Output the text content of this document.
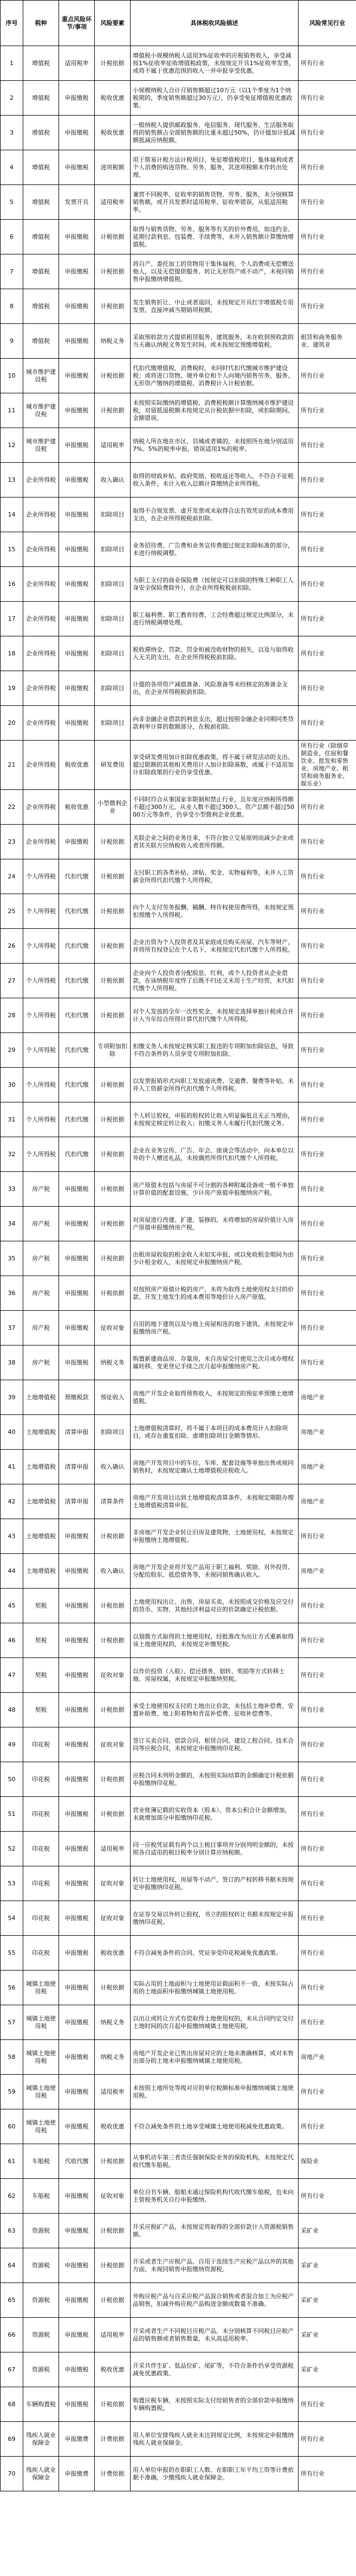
序号	税种	重点风险环节/事项	风险要素	具体税收风险描述	风险常见行业
1	增值税	适用税率	计税依据	增值税小规模纳税人适用3%征收率的应税销售收入，享受减按1%征收率征收增值税政策，未按规定开具1%征收率发票，或将不属于优惠范围的收入一并申报享受优惠。	所有行业
2	增值税	申报缴税	税收优惠	小规模纳税人合计月销售额超过10万元（以1个季度为1个纳税期的，季度销售额超过30万元），仍享受免征增值税优惠政策。	所有行业
3	增值税	申报缴税	税收优惠	一般纳税人提供邮政服务、电信服务、现代服务、生活服务取得的销售额占全部销售额的比重未超过50%，仍计提加计抵减额抵减应纳税额。	所有行业
4	增值税	申报缴税	进项税额	用于简易计税方法计税项目、免征增值税项目、集体福利或者个人消费的购进货物、劳务、服务，其进项税额未作转出处理。	所有行业
5	增值税	发票开具	适用税率	兼营不同税率、征收率的销售货物、劳务、服务，未分别核算销售额，或开具发票时适用税率、征收率错误，从低适用税率。	所有行业
6	增值税	申报缴税	计税依据	取得与销售货物、劳务、服务等有关的价外费用，如违约金、延期付款利息、包装费、手续费等，未并入销售额计算缴纳增值税。	所有行业
7	增值税	申报缴税	计税依据	将自产、委托加工的货物用于集体福利、个人消费或无偿赠送他人，以及无偿提供服务、转让无形资产或不动产，未视同销售申报缴纳增值税。	所有行业
8	增值税	申报缴税	计税依据	发生销售折让、中止或者退回，未按规定开具红字增值税专用发票，直接冲减当期销项税额。	所有行业
9	增值税	申报缴税	纳税义务	采取预收款方式提供租赁服务、建筑服务，未在收到预收款的当天确认纳税义务发生时间，或未按规定预缴增值税。	租赁和商务服务业、建筑业
10	城市维护建设税	申报缴税	计税依据	代扣代缴增值税、消费税时，未同时代扣代缴城市维护建设税；或将进口货物、境外单位和个人向境内销售劳务、服务、无形资产缴纳的增值税、消费税计入计税依据。	所有行业
11	城市维护建设税	申报缴税	计税依据	未按照实际缴纳的增值税、消费税税额计算缴纳城市维护建设税，对留抵退税额未按规定从计税依据中扣除，或扣除期间、金额错误。	所有行业
12	城市维护建设税	申报缴税	适用税率	纳税人所在地在市区、县城或者镇的，未按照所在地分别适用7%、5%的税率申报，错误适用1%的税率。	所有行业
13	企业所得税	申报缴税	收入确认	取得的财政补贴、政府奖励、税收返还等收入，不符合不征税收入条件，未计入收入总额计算缴纳企业所得税。	所有行业
14	企业所得税	申报缴税	扣除项目	取得不合规发票、虚开发票或未取得合法有效凭证的成本费用支出，在企业所得税税前扣除。	所有行业
15	企业所得税	申报缴税	扣除项目	业务招待费、广告费和业务宣传费超过规定扣除标准的部分，未进行纳税调整。	所有行业
16	企业所得税	申报缴税	扣除项目	为职工支付的商业保险费（按规定可以扣除的特殊工种职工人身安全保险费除外），在企业所得税税前扣除。	所有行业
17	企业所得税	申报缴税	扣除项目	职工福利费、职工教育经费、工会经费超过规定比例部分，未进行纳税调增处理。	所有行业
18	企业所得税	申报缴税	扣除项目	税收滞纳金、罚款、罚金和被没收财物的损失，以及与取得收入无关的支出，在企业所得税税前扣除。	所有行业
19	企业所得税	申报缴税	扣除项目	计提的各项资产减值准备、风险准备等未经核定的准备金支出，在企业所得税税前扣除。	所有行业
20	企业所得税	申报缴税	扣除项目	向非金融企业借款的利息支出，超过按照金融企业同期同类贷款利率计算的数额部分，在税前扣除。	所有行业
21	企业所得税	税收优惠	研发费用	享受研发费用加计扣除优惠政策，将不属于研发活动的支出、超过限额的其他相关费用计入加计扣除基数，或属于不适用加计扣除政策的行业仍享受优惠。	所有行业（除烟草制造业、住宿和餐饮业、批发和零售业、房地产业、租赁和商务服务业、娱乐业）
22	企业所得税	税收优惠	小型微利企业	不同时符合从事国家非限制和禁止行业，且年度应纳税所得额不超过300万元、从业人数不超过300人、资产总额不超过5000万元等条件，仍享受小型微利企业优惠。	所有行业
23	企业所得税	申报缴税	计税依据	关联企业之间的业务往来，不符合独立交易原则而减少企业或者其关联方应纳税收入或者所得额。	所有行业
24	个人所得税	代扣代缴	计税依据	支付职工的各类补贴、津贴、奖金、实物福利等，未并入工资薪金所得代扣代缴个人所得税。	所有行业
25	个人所得税	代扣代缴	计税依据	向个人支付劳务报酬、稿酬、特许权使用费所得，未按规定预扣预缴个人所得税。	所有行业
26	个人所得税	代扣代缴	计税依据	企业出资为个人投资者及其家庭成员购买房屋、汽车等财产，并将所有权登记在个人名下，未按规定代扣代缴个人所得税。	所有行业
27	个人所得税	代扣代缴	计税依据	企业向个人投资者分配股息、红利，或个人投资者从企业借款，在该纳税年度终了后既不归还又未用于生产经营，未代扣代缴个人所得税。	所有行业
28	个人所得税	代扣代缴	计税依据	对个人发放的全年一次性奖金，未按规定选择单独计税或合并计入当年综合所得计算代扣代缴个人所得税。	所有行业
29	个人所得税	代扣代缴	专项附加扣除	扣缴义务人未按规定核实职工报送的专项附加扣除信息，导致不符合条件的人员享受专项附加扣除。	所有行业
30	个人所得税	代扣代缴	计税依据	以发票报销形式向职工发放通讯费、交通费、餐费等补贴，未并入工资薪金所得代扣代缴个人所得税。	所有行业
31	个人所得税	代扣代缴	计税依据	个人转让股权，申报的股权转让收入明显偏低且无正当理由，未按规定核定转让收入；扣缴义务人未履行代扣代缴义务。	所有行业
32	个人所得税	代扣代缴	计税依据	企业在业务宣传、广告、年会、座谈会等活动中，向本单位以外的个人赠送礼品，未按偶然所得代扣代缴个人所得税。	所有行业
33	房产税	申报缴税	计税依据	房产原值未包括与房屋不可分割的各种附属设备或一般不单独计算价值的配套设施，少计房产原值申报缴纳房产税。	所有行业
34	房产税	申报缴税	计税依据	对房屋进行改建、扩建、装修的，未将增加的房屋价值计入房产原值申报缴纳房产税。	所有行业
35	房产税	申报缴税	计税依据	出租房屋收取的租金收入未如实申报，或以免收租金期间为由少计租金收入，未按规定申报缴纳房产税。	所有行业
36	房产税	申报缴税	计税依据	对按照房产原值计税的房产，未将为取得土地使用权支付的价款、开发土地发生的成本费用等地价计入房产原值。	所有行业
37	房产税	申报缴税	征收对象	自用的地下建筑以及与地上房屋相连的地下建筑，未按规定申报缴纳房产税。	所有行业
38	房产税	申报缴税	纳税义务	购置新建商品房、存量房，未自房屋交付使用之次月或办理权属转移、变更登记手续之次月起申报缴纳房产税。	所有行业
39	土地增值税	预缴税款	预征收入	房地产开发企业取得预售收入，未按规定的预征率预缴土地增值税。	房地产业
40	土地增值税	清算申报	扣除项目	土地增值税清算时，将不属于本项目的成本费用计入扣除项目，或存在重复扣除、虚增扣除项目金额等情形。	房地产业
41	土地增值税	清算申报	收入确认	房地产开发项目中的车位、车库、配套设施等单独出售或视同销售时，未按规定确认土地增值税应税收入。	房地产业
42	土地增值税	清算申报	清算条件	房地产开发项目达到土地增值税清算条件，未按规定期限办理土地增值税清算申报。	房地产业
43	土地增值税	申报缴税	计税依据	非房地产开发企业转让旧房及建筑物、土地使用权，未按规定申报缴纳土地增值税。	所有行业
44	土地增值税	申报缴税	收入确认	房地产开发企业将开发产品用于职工福利、奖励、对外投资、分配给股东、抵偿债务等，未视同销售确认收入。	房地产业
45	契税	申报缴税	计税依据	土地使用权出让、出售，房屋买卖，未按照成交价格及应交付的货币、实物、其他经济利益对应的价款确定计税依据。	所有行业
46	契税	申报缴税	计税依据	以划拨方式取得的土地使用权，经批准改为出让方式重新取得该土地使用权的，未按规定补缴契税。	所有行业
47	契税	申报缴税	征收对象	以作价投资（入股）、偿还债务、划转、奖励等方式转移土地、房屋权属，未按规定申报缴纳契税。	所有行业
48	契税	申报缴税	计税依据	承受土地使用权支付的土地出让价款，未包括土地补偿费、安置补助费、地上附着物和青苗补偿费、征收补偿费等。	所有行业
49	印花税	申报缴税	征收对象	签订买卖合同、借款合同、租赁合同、建设工程合同、技术合同等应税合同，未按规定申报缴纳印花税。	所有行业
50	印花税	申报缴税	计税依据	应税合同未列明金额的，未按照实际结算的金额确定计税依据申报缴纳印花税。	所有行业
51	印花税	申报缴税	计税依据	营业账簿记载的实收资本（股本）、资本公积合计金额增加，未就增加部分申报缴纳印花税。	所有行业
52	印花税	申报缴税	适用税率	同一应税凭证载有两个以上税目事项并分别列明金额的，未按照各自适用的税目税率分别计算应纳税额。	所有行业
53	印花税	申报缴税	征收对象	转让土地使用权、房屋等不动产，签订的产权转移书据未按规定申报缴纳印花税。	所有行业
54	印花税	申报缴税	征收对象	在证券交易以外转让股权，书立的股权转让书据未按规定申报缴纳印花税。	所有行业
55	印花税	申报缴税	税收优惠	不符合减免条件的合同、凭证享受印花税减免优惠政策。	所有行业
56	城镇土地使用税	申报缴税	计税依据	实际占用的土地面积与土地使用证载面积不一致，未按实际占用的土地面积申报缴纳城镇土地使用税。	所有行业
57	城镇土地使用税	申报缴税	纳税义务	以出让或转让方式有偿取得土地使用权的，未从合同约定交付土地时间的次月起申报缴纳城镇土地使用税。	所有行业
58	城镇土地使用税	申报缴税	纳税义务	房地产开发企业已售出房屋对应的土地未准确核算，或对未售出部分的土地未申报缴纳城镇土地使用税。	房地产业
59	城镇土地使用税	申报缴税	适用税率	未按照土地所处等级对应的单位税额标准申报缴纳城镇土地使用税。	所有行业
60	城镇土地使用税	申报缴税	税收优惠	不符合减免条件的土地享受城镇土地使用税减免优惠政策。	所有行业
61	车船税	代收代缴	计税依据	从事机动车第三者责任强制保险业务的保险机构，未按规定代收代缴车船税。	保险业
62	车船税	申报缴税	征收对象	单位自有车辆、船舶未通过保险机构代收代缴车船税，也未向主管税务机关自行申报缴纳。	所有行业
63	资源税	申报缴税	计税依据	开采应税矿产品，未按规定将取得的全部价款计入资源税销售额。	采矿业
64	资源税	申报缴税	计税依据	开采或者生产应税产品，自用于连续生产应税产品以外的其他方面，未视同销售申报缴纳资源税。	采矿业
65	资源税	申报缴税	计税依据	外购应税产品与自采应税产品混合销售或者混合加工为应税产品销售，扣减外购应税产品购进金额或数量不准确。	采矿业
66	资源税	申报缴税	适用税率	开采或者生产不同税目应税产品，未分别核算不同税目应税产品的销售额或者销售数量，未从高适用税率。	采矿业
67	资源税	申报缴税	税收优惠	开采共伴生矿、低品位矿、尾矿等，不符合条件仍享受资源税减免优惠政策。	采矿业
68	车辆购置税	申报缴税	计税依据	购置应税车辆，未按照实际支付给销售者的全部价款申报缴纳车辆购置税。	所有行业
69	残疾人就业保障金	申报缴费	计费依据	用人单位安排残疾人就业未达到规定比例，未按规定申报缴纳残疾人就业保障金。	所有行业
70	残疾人就业保障金	申报缴费	计费依据	用人单位申报的在职职工人数、在职职工年平均工资等计费依据不准确，少缴残疾人就业保障金。	所有行业
